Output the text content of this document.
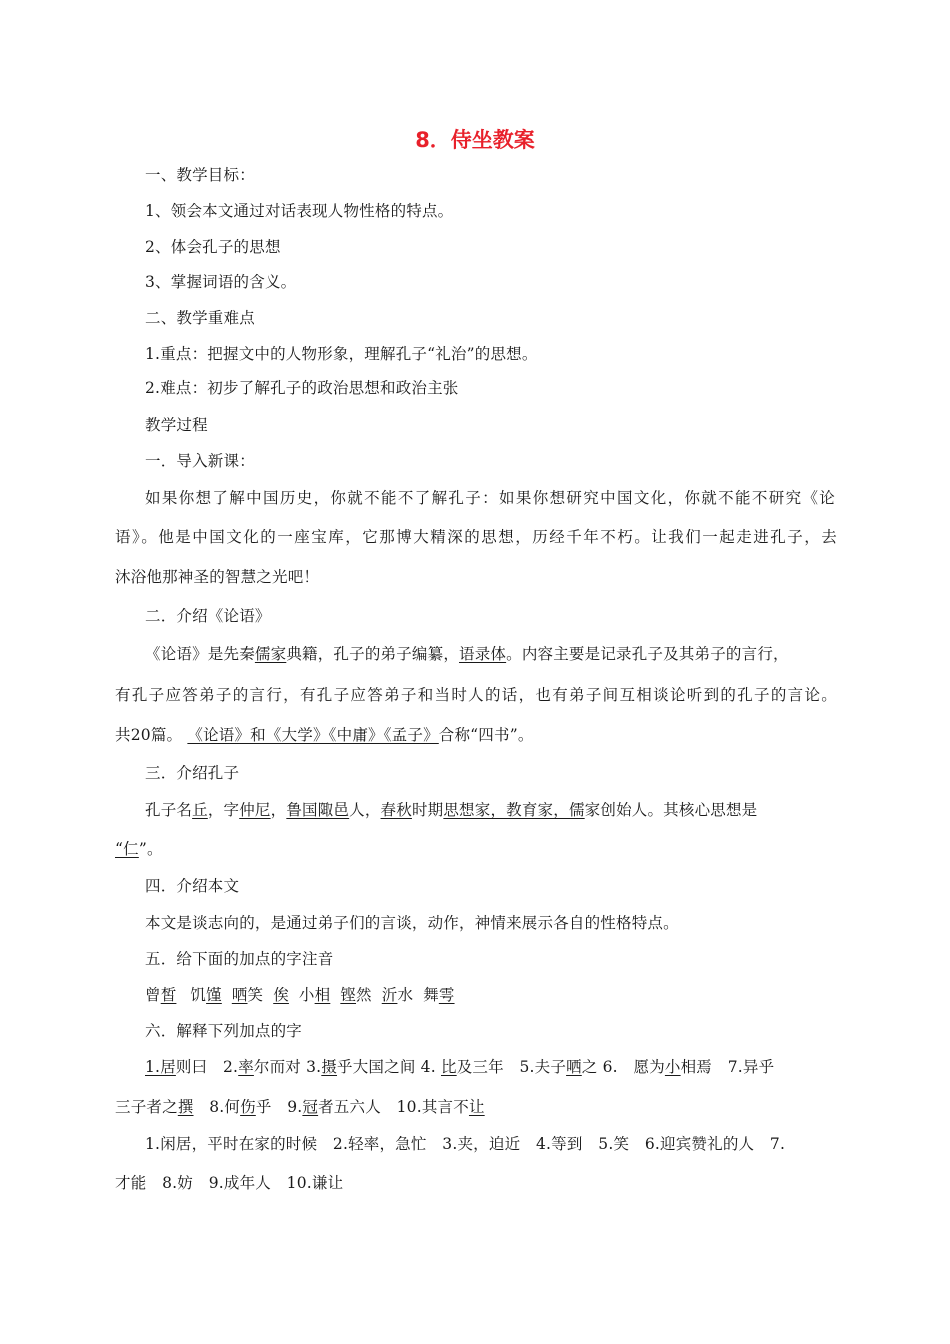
8．侍坐教案
一、教学目标：
1、领会本文通过对话表现人物性格的特点。
2、体会孔子的思想
3、掌握词语的含义。
二、教学重难点
1.重点：把握文中的人物形象，理解孔子“礼治”的思想。
2.难点：初步了解孔子的政治思想和政治主张
教学过程
一．导入新课：
如果你想了解中国历史，你就不能不了解孔子：如果你想研究中国文化，你就不能不研究《论
语》。他是中国文化的一座宝库，它那博大精深的思想，历经千年不朽。让我们一起走进孔子，去
沐浴他那神圣的智慧之光吧！
二．介绍《论语》
《论语》是先秦儒家典籍，孔子的弟子编纂，语录体。内容主要是记录孔子及其弟子的言行，
有孔子应答弟子的言行，有孔子应答弟子和当时人的话，也有弟子间互相谈论听到的孔子的言论。
共20篇。 《论语》和《大学》《中庸》《孟子》合称“四书”。
三．介绍孔子
孔子名丘，字仲尼，鲁国陬邑人，春秋时期思想家，教育家，儒家创始人。其核心思想是
“仁”。
四．介绍本文
本文是谈志向的，是通过弟子们的言谈，动作，神情来展示各自的性格特点。
五．给下面的加点的字注音
曾皙 饥馑 哂笑 俟 小相 铿然 沂水 舞雩
六．解释下列加点的字
1.居则曰　2.率尔而对 3.摄乎大国之间 4. 比及三年　5.夫子哂之 6.　愿为小相焉　7.异乎
三子者之撰　8.何伤乎　9.冠者五六人　10.其言不让
1.闲居，平时在家的时候　2.轻率，急忙　3.夹，迫近　4.等到　5.笑　6.迎宾赞礼的人　7.
才能　8.妨　9.成年人　10.谦让
